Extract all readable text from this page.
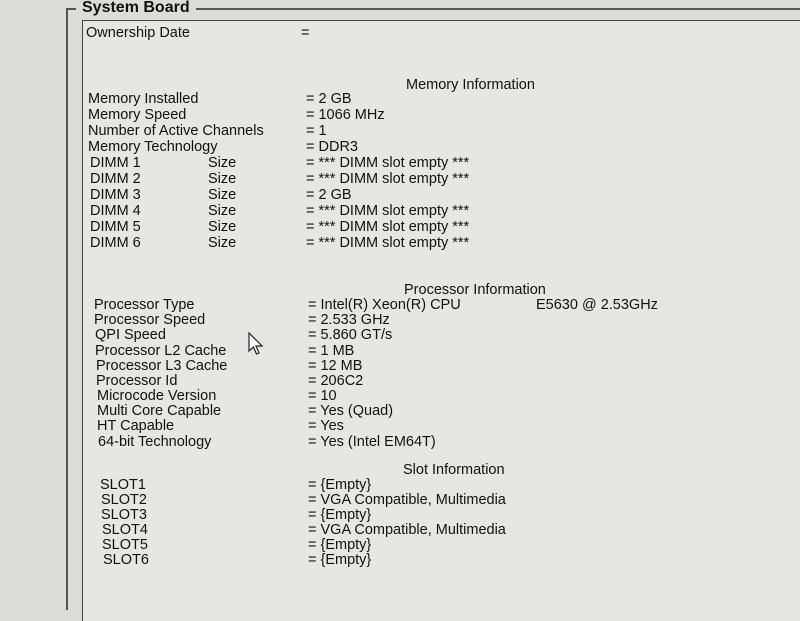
System Board
Ownership Date	=
Memory Information
Memory Installed	= 2 GB
Memory Speed	= 1066 MHz
Number of Active Channels	= 1
Memory Technology	= DDR3
DIMM 1	Size	= *** DIMM slot empty ***
DIMM 2	Size	= *** DIMM slot empty ***
DIMM 3	Size	= 2 GB
DIMM 4	Size	= *** DIMM slot empty ***
DIMM 5	Size	= *** DIMM slot empty ***
DIMM 6	Size	= *** DIMM slot empty ***
Processor Information
Processor Type	= Intel(R) Xeon(R) CPU	E5630 @ 2.53GHz
Processor Speed	= 2.533 GHz
QPI Speed	= 5.860 GT/s
Processor L2 Cache	= 1 MB
Processor L3 Cache	= 12 MB
Processor Id	= 206C2
Microcode Version	= 10
Multi Core Capable	= Yes (Quad)
HT Capable	= Yes
64-bit Technology	= Yes (Intel EM64T)
Slot Information
SLOT1	= {Empty}
SLOT2	= VGA Compatible, Multimedia
SLOT3	= {Empty}
SLOT4	= VGA Compatible, Multimedia
SLOT5	= {Empty}
SLOT6	= {Empty}
